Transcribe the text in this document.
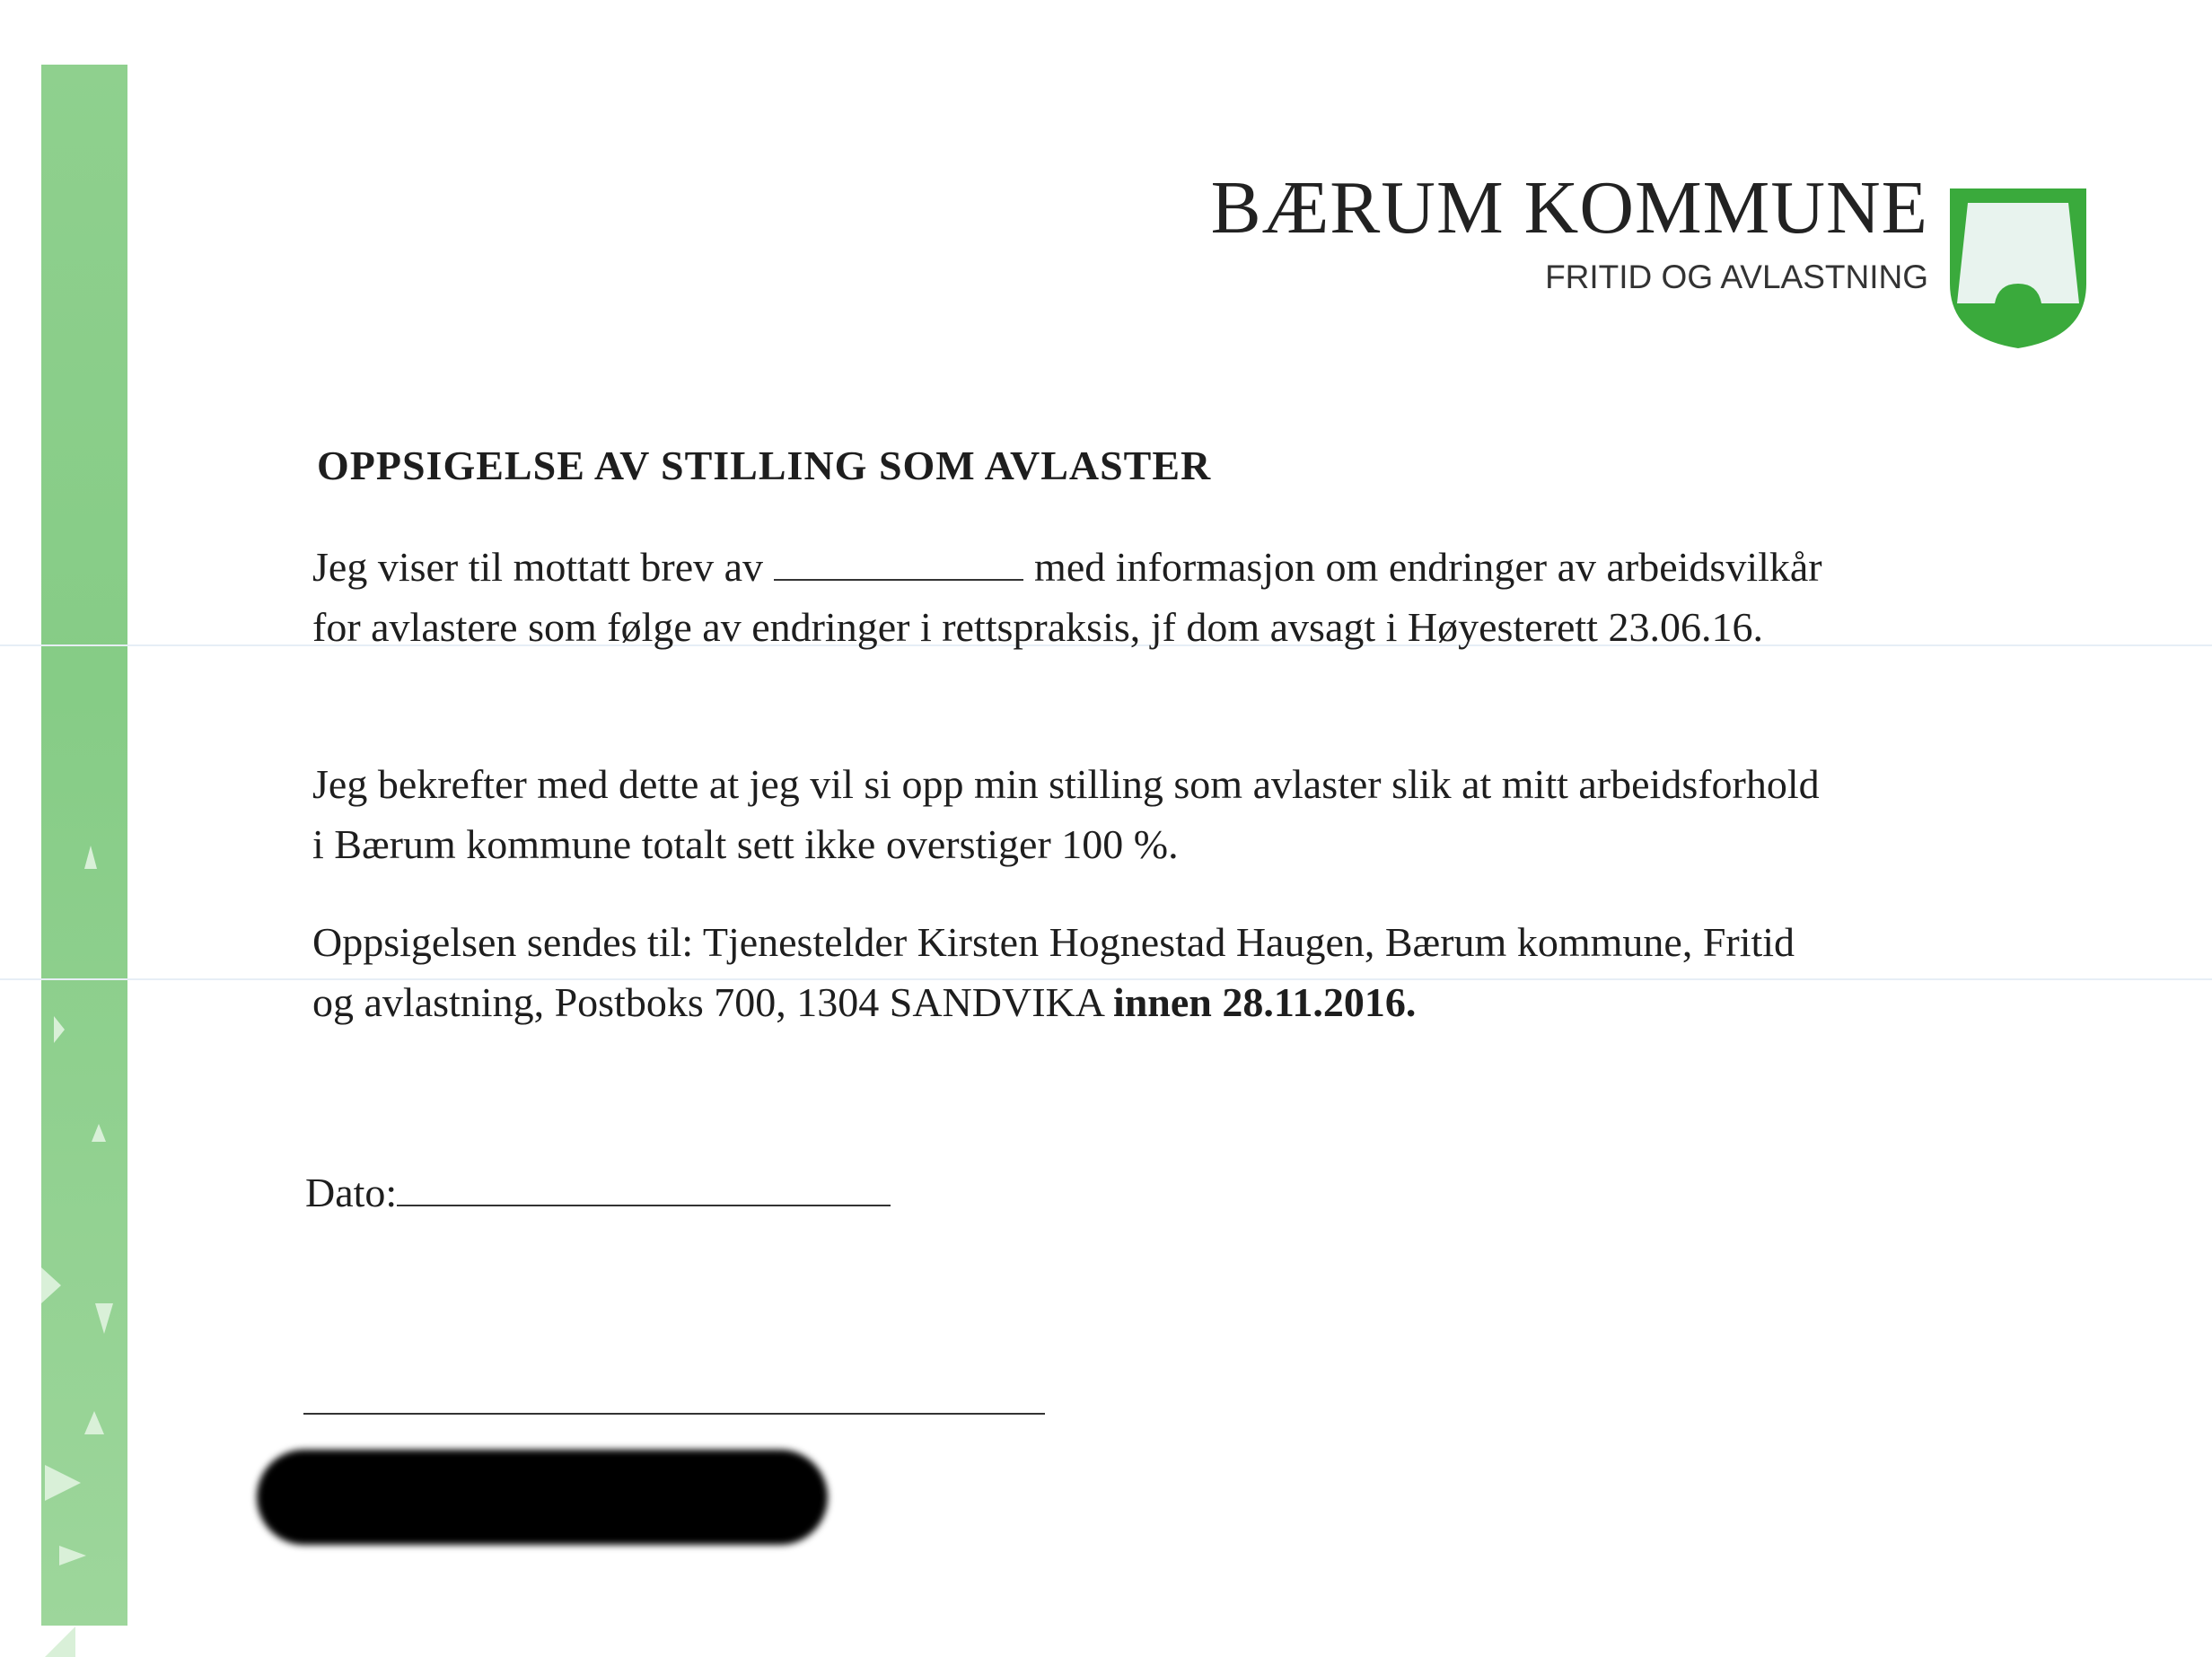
BÆRUM KOMMUNE
FRITID OG AVLASTNING
OPPSIGELSE AV STILLING SOM AVLASTER
Jeg viser til mottatt brev av	med informasjon om endringer av arbeidsvilkår for avlastere som følge av endringer i rettspraksis, jf dom avsagt i Høyesterett 23.06.16.
Jeg bekrefter med dette at jeg vil si opp min stilling som avlaster slik at mitt arbeidsforhold i Bærum kommune totalt sett ikke overstiger 100 %.
Oppsigelsen sendes til: Tjenestelder Kirsten Hognestad Haugen, Bærum kommune, Fritid og avlastning, Postboks 700, 1304 SANDVIKA innen 28.11.2016.
Dato:
